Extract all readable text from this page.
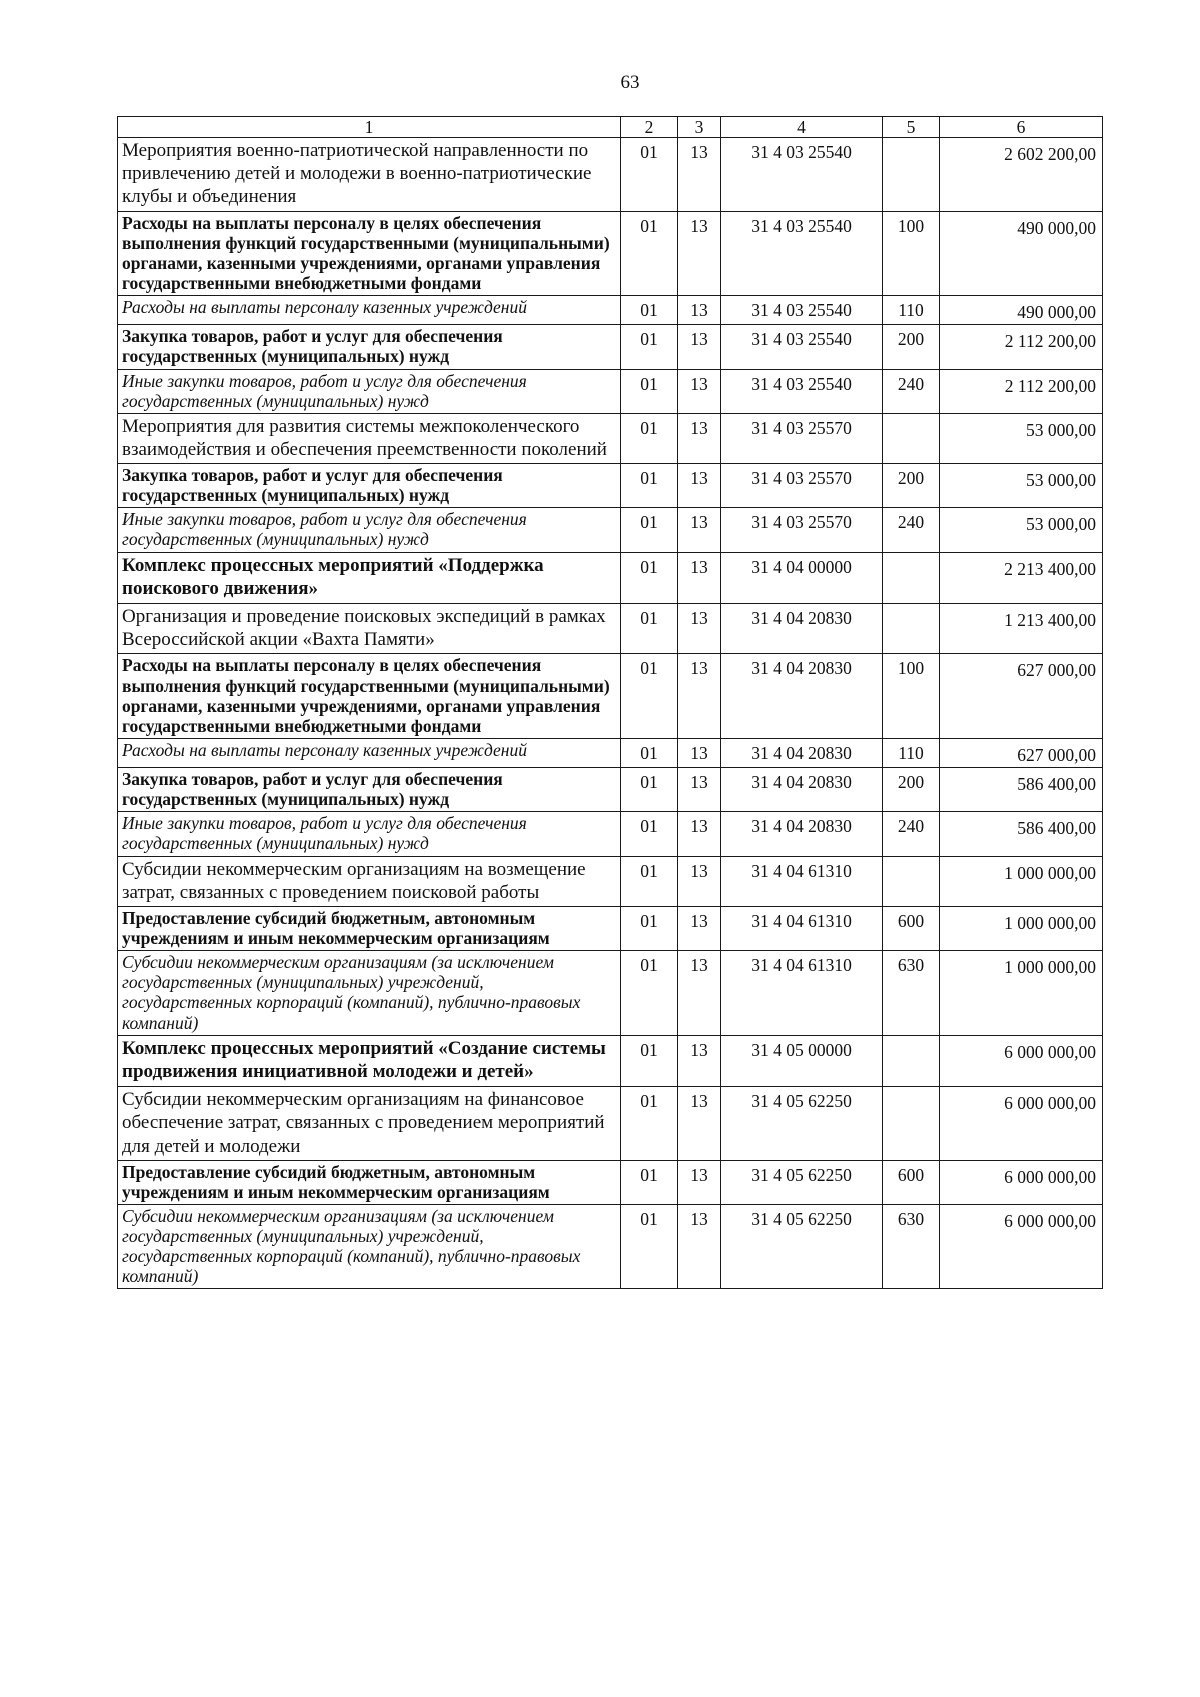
63
1	2	3	4	5	6
Мероприятия военно-патриотической направленности по привлечению детей и молодежи в военно-патриотические клубы и объединения	01	13	31 4 03 25540		2 602 200,00
Расходы на выплаты персоналу в целях обеспечения выполнения функций государственными (муниципальными) органами, казенными учреждениями, органами управления государственными внебюджетными фондами	01	13	31 4 03 25540	100	490 000,00
Расходы на выплаты персоналу казенных учреждений	01	13	31 4 03 25540	110	490 000,00
Закупка товаров, работ и услуг для обеспечения государственных (муниципальных) нужд	01	13	31 4 03 25540	200	2 112 200,00
Иные закупки товаров, работ и услуг для обеспечения государственных (муниципальных) нужд	01	13	31 4 03 25540	240	2 112 200,00
Мероприятия для развития системы межпоколенческого взаимодействия и обеспечения преемственности поколений	01	13	31 4 03 25570		53 000,00
Закупка товаров, работ и услуг для обеспечения государственных (муниципальных) нужд	01	13	31 4 03 25570	200	53 000,00
Иные закупки товаров, работ и услуг для обеспечения государственных (муниципальных) нужд	01	13	31 4 03 25570	240	53 000,00
Комплекс процессных мероприятий «Поддержка поискового движения»	01	13	31 4 04 00000		2 213 400,00
Организация и проведение поисковых экспедиций в рамках Всероссийской акции «Вахта Памяти»	01	13	31 4 04 20830		1 213 400,00
Расходы на выплаты персоналу в целях обеспечения выполнения функций государственными (муниципальными) органами, казенными учреждениями, органами управления государственными внебюджетными фондами	01	13	31 4 04 20830	100	627 000,00
Расходы на выплаты персоналу казенных учреждений	01	13	31 4 04 20830	110	627 000,00
Закупка товаров, работ и услуг для обеспечения государственных (муниципальных) нужд	01	13	31 4 04 20830	200	586 400,00
Иные закупки товаров, работ и услуг для обеспечения государственных (муниципальных) нужд	01	13	31 4 04 20830	240	586 400,00
Субсидии некоммерческим организациям на возмещение затрат, связанных с проведением поисковой работы	01	13	31 4 04 61310		1 000 000,00
Предоставление субсидий бюджетным, автономным учреждениям и иным некоммерческим организациям	01	13	31 4 04 61310	600	1 000 000,00
Субсидии некоммерческим организациям (за исключением государственных (муниципальных) учреждений, государственных корпораций (компаний), публично-правовых компаний)	01	13	31 4 04 61310	630	1 000 000,00
Комплекс процессных мероприятий «Создание системы продвижения инициативной молодежи и детей»	01	13	31 4 05 00000		6 000 000,00
Субсидии некоммерческим организациям на финансовое обеспечение затрат, связанных с проведением мероприятий для детей и молодежи	01	13	31 4 05 62250		6 000 000,00
Предоставление субсидий бюджетным, автономным учреждениям и иным некоммерческим организациям	01	13	31 4 05 62250	600	6 000 000,00
Субсидии некоммерческим организациям (за исключением государственных (муниципальных) учреждений, государственных корпораций (компаний), публично-правовых компаний)	01	13	31 4 05 62250	630	6 000 000,00
